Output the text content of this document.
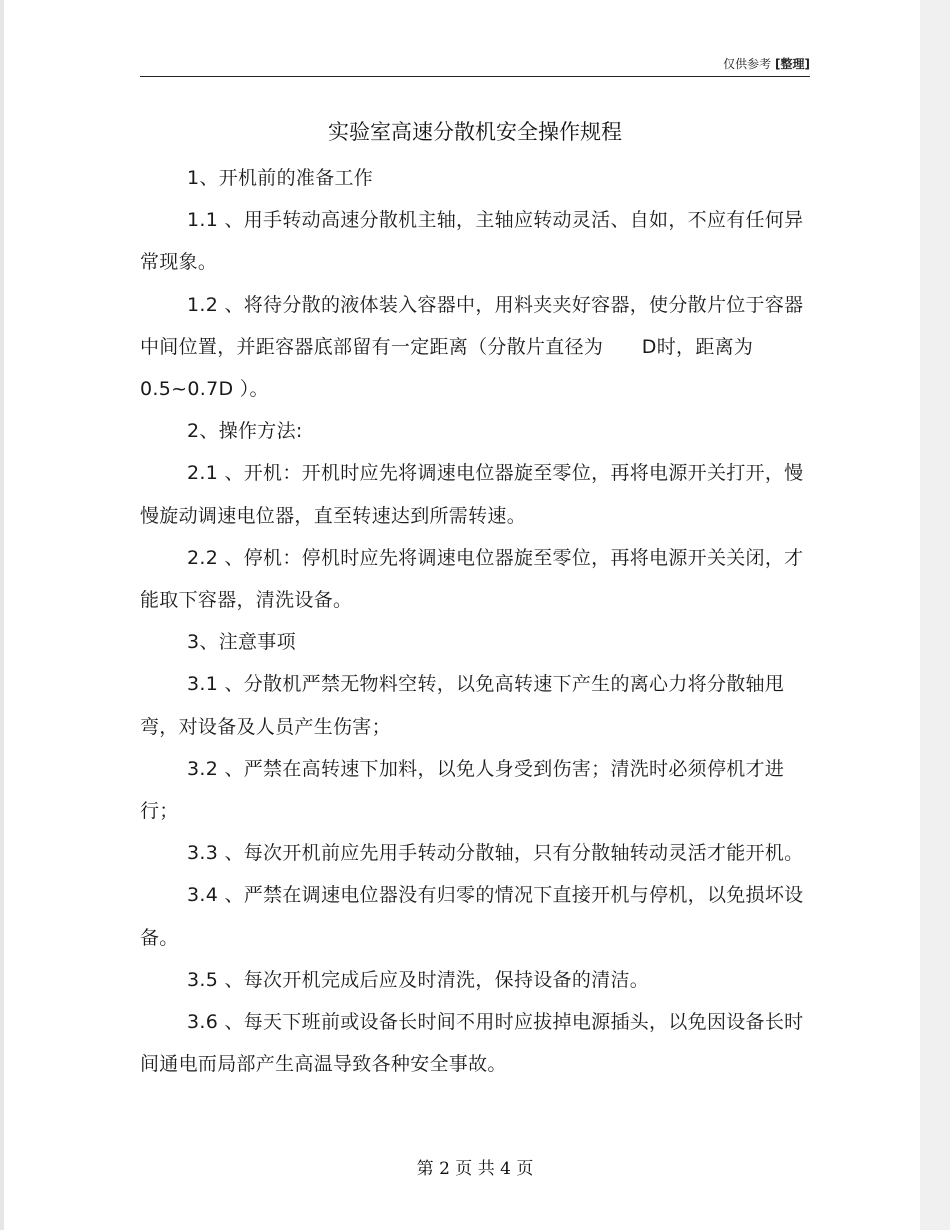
仅供参考 [整理]
实验室高速分散机安全操作规程

1、开机前的准备工作

1.1 、用手转动高速分散机主轴，主轴应转动灵活、自如，不应有任何异常现象。

1.2 、将待分散的液体装入容器中，用料夹夹好容器，使分散片位于容器中间位置，并距容器底部留有一定距离（分散片直径为　　D时，距离为 0.5~0.7D ）。

2、操作方法:

2.1 、开机：开机时应先将调速电位器旋至零位，再将电源开关打开，慢慢旋动调速电位器，直至转速达到所需转速。

2.2 、停机：停机时应先将调速电位器旋至零位，再将电源开关关闭，才能取下容器，清洗设备。

3、注意事项

3.1 、分散机严禁无物料空转，以免高转速下产生的离心力将分散轴甩弯，对设备及人员产生伤害；

3.2 、严禁在高转速下加料，以免人身受到伤害；清洗时必须停机才进行；

3.3 、每次开机前应先用手转动分散轴，只有分散轴转动灵活才能开机。

3.4 、严禁在调速电位器没有归零的情况下直接开机与停机，以免损坏设备。

3.5 、每次开机完成后应及时清洗，保持设备的清洁。

3.6 、每天下班前或设备长时间不用时应拔掉电源插头，以免因设备长时间通电而局部产生高温导致各种安全事故。

第 2 页 共 4 页
